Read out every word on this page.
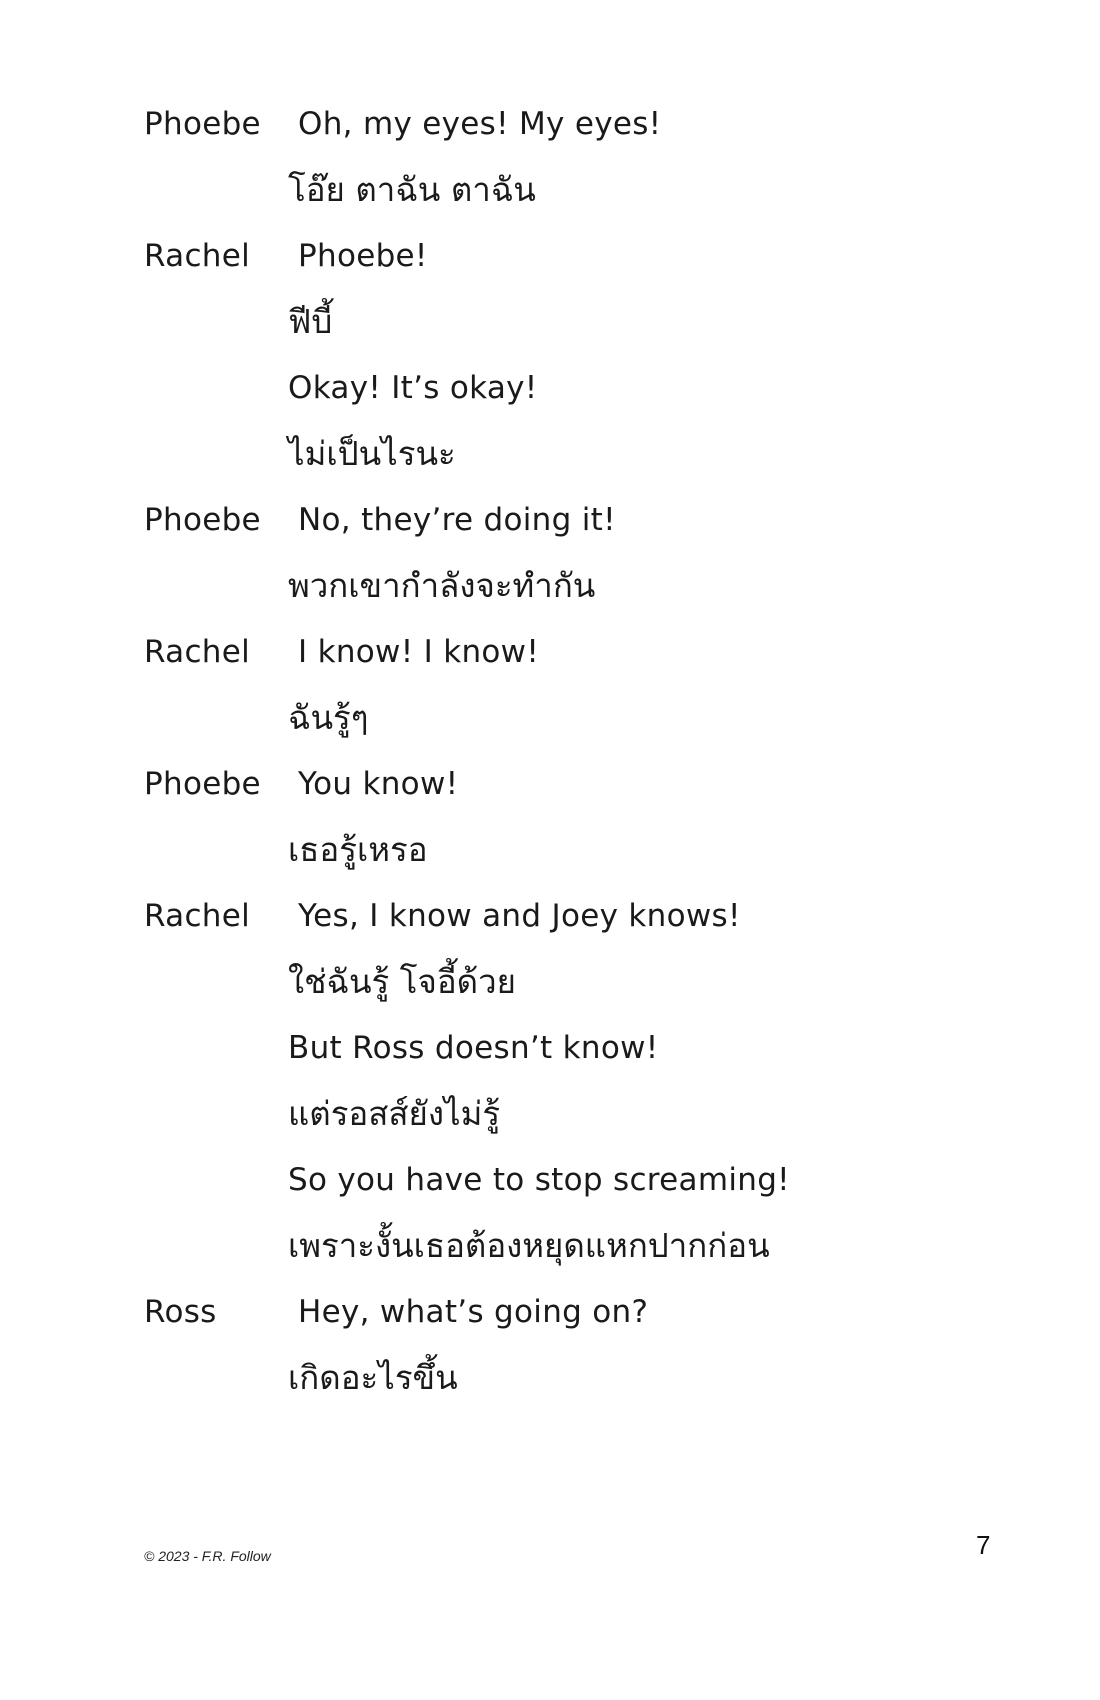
Phoebe Oh, my eyes! My eyes!
โอ๊ย ตาฉัน ตาฉัน
Rachel Phoebe!
ฟีบี้
Okay! It’s okay!
ไม่เป็นไรนะ
Phoebe No, they’re doing it!
พวกเขากำลังจะทำกัน
Rachel I know! I know!
ฉันรู้ๆ
Phoebe You know!
เธอรู้เหรอ
Rachel Yes, I know and Joey knows!
ใช่ฉันรู้ โจอี้ด้วย
But Ross doesn’t know!
แต่รอสส์ยังไม่รู้
So you have to stop screaming!
เพราะงั้นเธอต้องหยุดแหกปากก่อน
Ross	Hey, what’s going on?
เกิดอะไรขึ้น
© 2023 - F.R. Follow	7
